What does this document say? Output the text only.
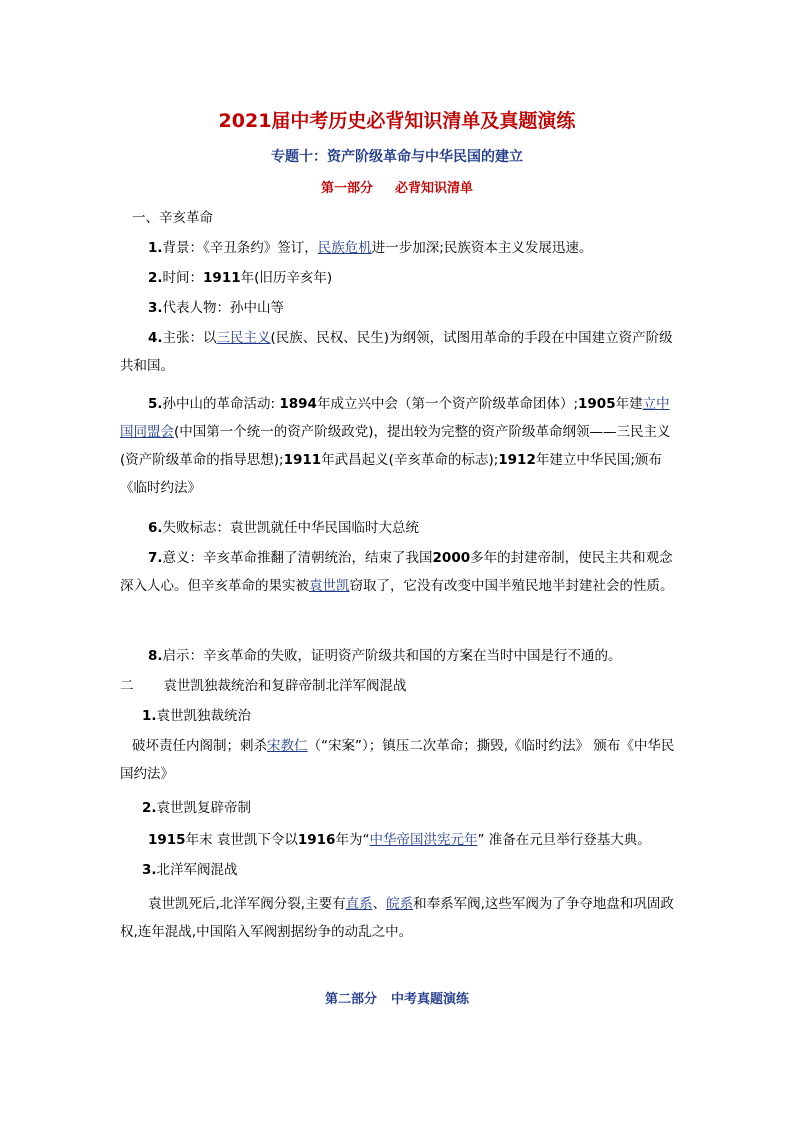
2021届中考历史必背知识清单及真题演练
专题十：资产阶级革命与中华民国的建立
第一部分 必背知识清单
一、辛亥革命
1.背景：《辛丑条约》签订，民族危机进一步加深;民族资本主义发展迅速。
2.时间：1911年(旧历辛亥年)
3.代表人物：孙中山等
4.主张：以三民主义(民族、民权、民生)为纲领，试图用革命的手段在中国建立资产阶级共和国。
5.孙中山的革命活动: 1894年成立兴中会（第一个资产阶级革命团体）;1905年建立中国同盟会(中国第一个统一的资产阶级政党)，提出较为完整的资产阶级革命纲领——三民主义(资产阶级革命的指导思想);1911年武昌起义(辛亥革命的标志);1912年建立中华民国;颁布《临时约法》
6.失败标志：袁世凯就任中华民国临时大总统
7.意义：辛亥革命推翻了清朝统治，结束了我国2000多年的封建帝制，使民主共和观念深入人心。但辛亥革命的果实被袁世凯窃取了，它没有改变中国半殖民地半封建社会的性质。
8.启示：辛亥革命的失败，证明资产阶级共和国的方案在当时中国是行不通的。
二 袁世凯独裁统治和复辟帝制北洋军阀混战
1.袁世凯独裁统治
破坏责任内阁制；刺杀宋教仁（“宋案”）；镇压二次革命；撕毁,《临时约法》 颁布《中华民国约法》
2.袁世凯复辟帝制
1915年末 袁世凯下令以1916年为“中华帝国洪宪元年” 准备在元旦举行登基大典。
3.北洋军阀混战
袁世凯死后,北洋军阀分裂,主要有直系、皖系和奉系军阀,这些军阀为了争夺地盘和巩固政权,连年混战,中国陷入军阀割据纷争的动乱之中。
第二部分 中考真题演练
